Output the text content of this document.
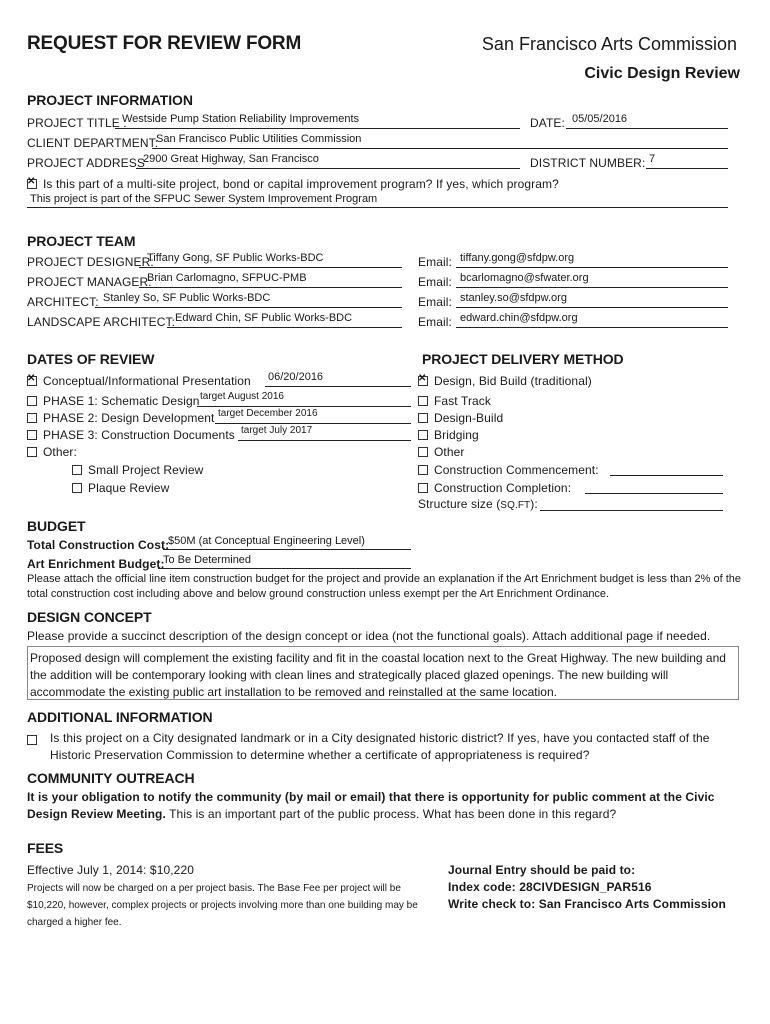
REQUEST FOR REVIEW FORM	San Francisco Arts Commission
Civic Design Review
PROJECT INFORMATION
PROJECT TITLE :
Westside Pump Station Reliability Improvements	DATE: 05/05/2016
CLIENT DEPARTMENT:
San Francisco Public Utilities Commission
PROJECT ADDRESS
2900 Great Highway, San Francisco	DISTRICT NUMBER: 7
✕Is this part of a multi-site project, bond or capital improvement program? If yes, which program?
This project is part of the SFPUC Sewer System Improvement Program
PROJECT TEAM
PROJECT DESIGNER:
Tiffany Gong, SF Public Works-BDC	Email: tiffany.gong@sfdpw.org
PROJECT MANAGER:
Brian Carlomagno, SFPUC-PMB	Email: bcarlomagno@sfwater.org
ARCHITECT: Stanley So, SF Public Works-BDC	Email: stanley.so@sfdpw.org
LANDSCAPE ARCHITECT: Edward Chin, SF Public Works-BDC	Email: edward.chin@sfdpw.org
DATES OF REVIEW
✕Conceptual/Informational Presentation 06/20/2016
PHASE 1: Schematic Design target August 2016
PHASE 2: Design Development target December 2016
PHASE 3: Construction Documents target July 2017
Other:
Small Project Review
Plaque Review
PROJECT DELIVERY METHOD
✕Design, Bid Build (traditional)
Fast Track
Design-Build
Bridging
Other
Construction Commencement:
Construction Completion:
Structure size (SQ.FT):
BUDGET
Total Construction Cost:
$50M (at Conceptual Engineering Level)
Art Enrichment Budget:
To Be Determined
Please attach the official line item construction budget for the project and provide an explanation if the Art Enrichment budget is less than 2% of the total construction cost including above and below ground construction unless exempt per the Art Enrichment Ordinance.
DESIGN CONCEPT
Please provide a succinct description of the design concept or idea (not the functional goals). Attach additional page if needed.
Proposed design will complement the existing facility and fit in the coastal location next to the Great Highway. The new building and the addition will be contemporary looking with clean lines and strategically placed glazed openings. The new building will accommodate the existing public art installation to be removed and reinstalled at the same location.
ADDITIONAL INFORMATION
Is this project on a City designated landmark or in a City designated historic district? If yes, have you contacted staff of the Historic Preservation Commission to determine whether a certificate of appropriateness is required?
COMMUNITY OUTREACH
It is your obligation to notify the community (by mail or email) that there is opportunity for public comment at the Civic Design Review Meeting. This is an important part of the public process. What has been done in this regard?
FEES
Effective July 1, 2014: $10,220
Projects will now be charged on a per project basis. The Base Fee per project will be $10,220, however, complex projects or projects involving more than one building may be charged a higher fee.
Journal Entry should be paid to:
Index code: 28CIVDESIGN_PAR516
Write check to: San Francisco Arts Commission
